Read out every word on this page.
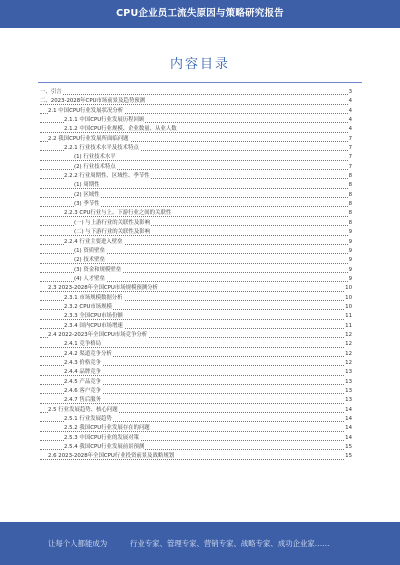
CPU企业员工流失原因与策略研究报告
内容目录
一、引言	3
二、2023-2028年CPU市场前景及趋势预测	4
2.1 中国CPU行业发展状况分析	4
2.1.1 中国CPU行业发展历程回顾	4
2.1.2 中国CPU行业规模、企业数量、从业人数	4
2.2 我国CPU行业发展所面临问题	7
2.2.1 行业技术水平及技术特点	7
(1) 行业技术水平	7
(2) 行业技术特点	7
2.2.2 行业周期性、区域性、季节性	8
(1) 周期性	8
(2) 区域性	8
(3) 季节性	8
2.2.3 CPU行业与上、下游行业之间的关联性	8
(一) 与上游行业的关联性及影响	8
(二) 与下游行业的关联性及影响	9
2.2.4 行业主要进入壁垒	9
(1) 资质壁垒	9
(2) 技术壁垒	9
(3) 资金和规模壁垒	9
(4) 人才壁垒	9
2.3 2023-2028年全国CPU市场规模预测分析	10
2.3.1 市场规模数据分析	10
2.3.2 CPU市场规模	10
2.3.3 全国CPU市场份额	11
2.3.4 国内CPU市场增速	11
2.4 2022-2023年全国CPU市场竞争分析	12
2.4.1 竞争格局	12
2.4.2 渠道竞争分析	12
2.4.3 价格竞争	12
2.4.4 品牌竞争	13
2.4.5 产品竞争	13
2.4.6 客户竞争	13
2.4.7 售后服务	13
2.5 行业发展趋势、核心问题	14
2.5.1 行业发展趋势	14
2.5.2 我国CPU行业发展存在的问题	14
2.5.3 中国CPU行业的发展对策	14
2.5.4 我国CPU行业发展前景预测	15
2.6 2023-2028年全国CPU行业投资前景及战略规划	15
让每个人都能成为	行业专家、管理专家、营销专家、战略专家、成功企业家……
